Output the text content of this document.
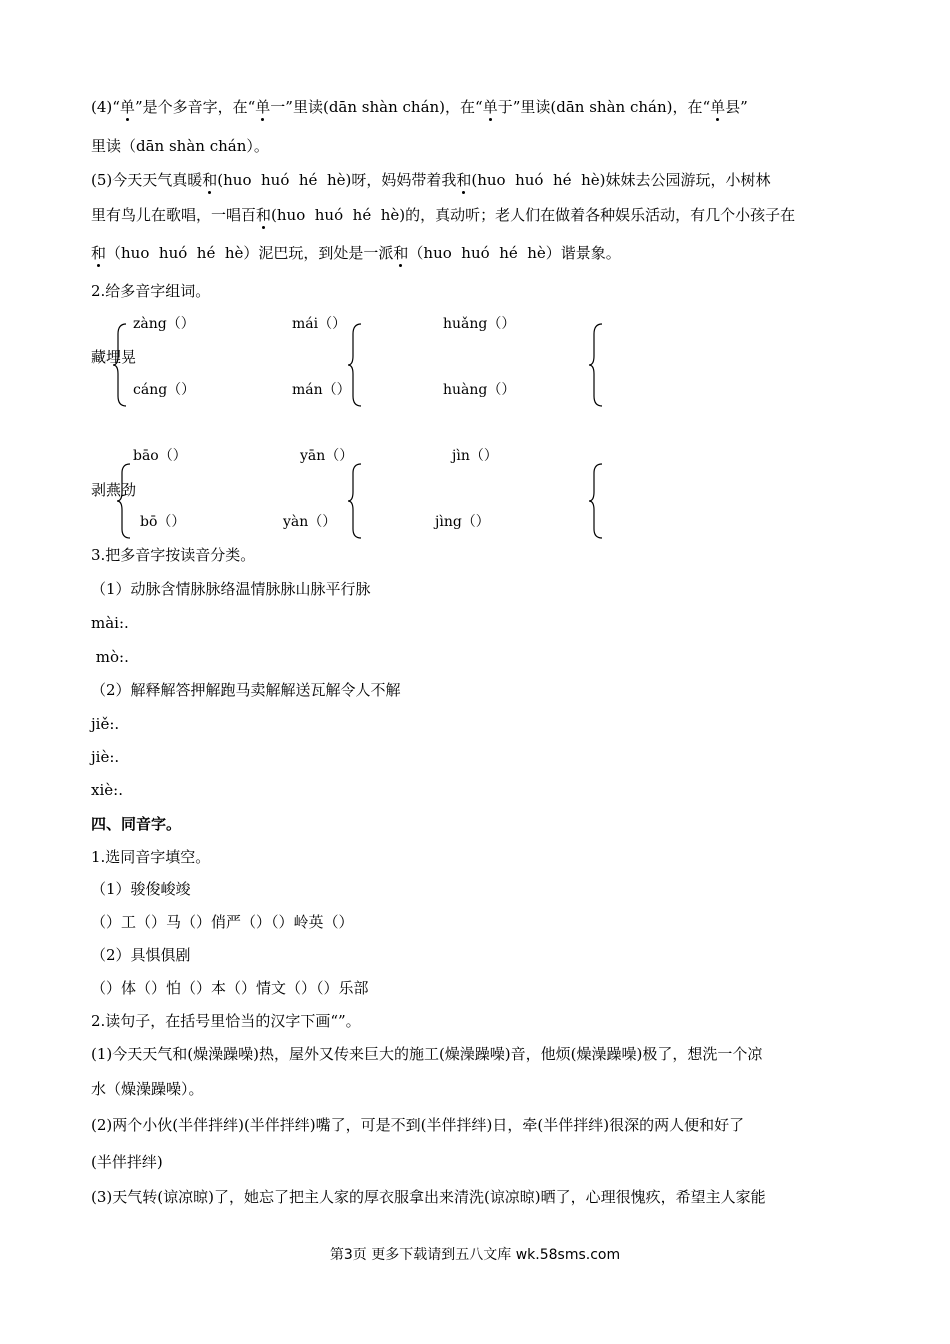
(4)“单”是个多音字，在“单一”里读(dān shàn chán)，在“单于”里读(dān shàn chán)，在“单县”
里读（dān shàn chán）。
(5)今天天气真暖和(huo  huó  hé  hè)呀，妈妈带着我和(huo  huó  hé  hè)妹妹去公园游玩，小树林
里有鸟儿在歌唱，一唱百和(huo  huó  hé  hè)的，真动听；老人们在做着各种娱乐活动，有几个小孩子在
和（huo  huó  hé  hè）泥巴玩，到处是一派和（huo  huó  hé  hè）谐景象。
2.给多音字组词。
zàng（）	mái（）	huǎng（）
藏埋晃
cáng（）	mán（）	huàng（）
bāo（）	yān（）	jìn（）
剥燕劲
bō（）	yàn（）	jìng（）
3.把多音字按读音分类。
（1）动脉含情脉脉络温情脉脉山脉平行脉
mài:.
mò:.
（2）解释解答押解跑马卖解解送瓦解令人不解
jiě:.
jiè:.
xiè:.
四、同音字。
1.选同音字填空。
（1）骏俊峻竣
（）工（）马（）俏严（）（）岭英（）
（2）具惧俱剧
（）体（）怕（）本（）情文（）（）乐部
2.读句子，在括号里恰当的汉字下画“”。
(1)今天天气和(燥澡躁噪)热，屋外又传来巨大的施工(燥澡躁噪)音，他烦(燥澡躁噪)极了，想洗一个凉
水（燥澡躁噪）。
(2)两个小伙(半伴拌绊)(半伴拌绊)嘴了，可是不到(半伴拌绊)日，牵(半伴拌绊)很深的两人便和好了
(半伴拌绊)
(3)天气转(谅凉晾)了，她忘了把主人家的厚衣服拿出来清洗(谅凉晾)晒了，心理很愧疚，希望主人家能
第3页 更多下载请到五八文库 wk.58sms.com
